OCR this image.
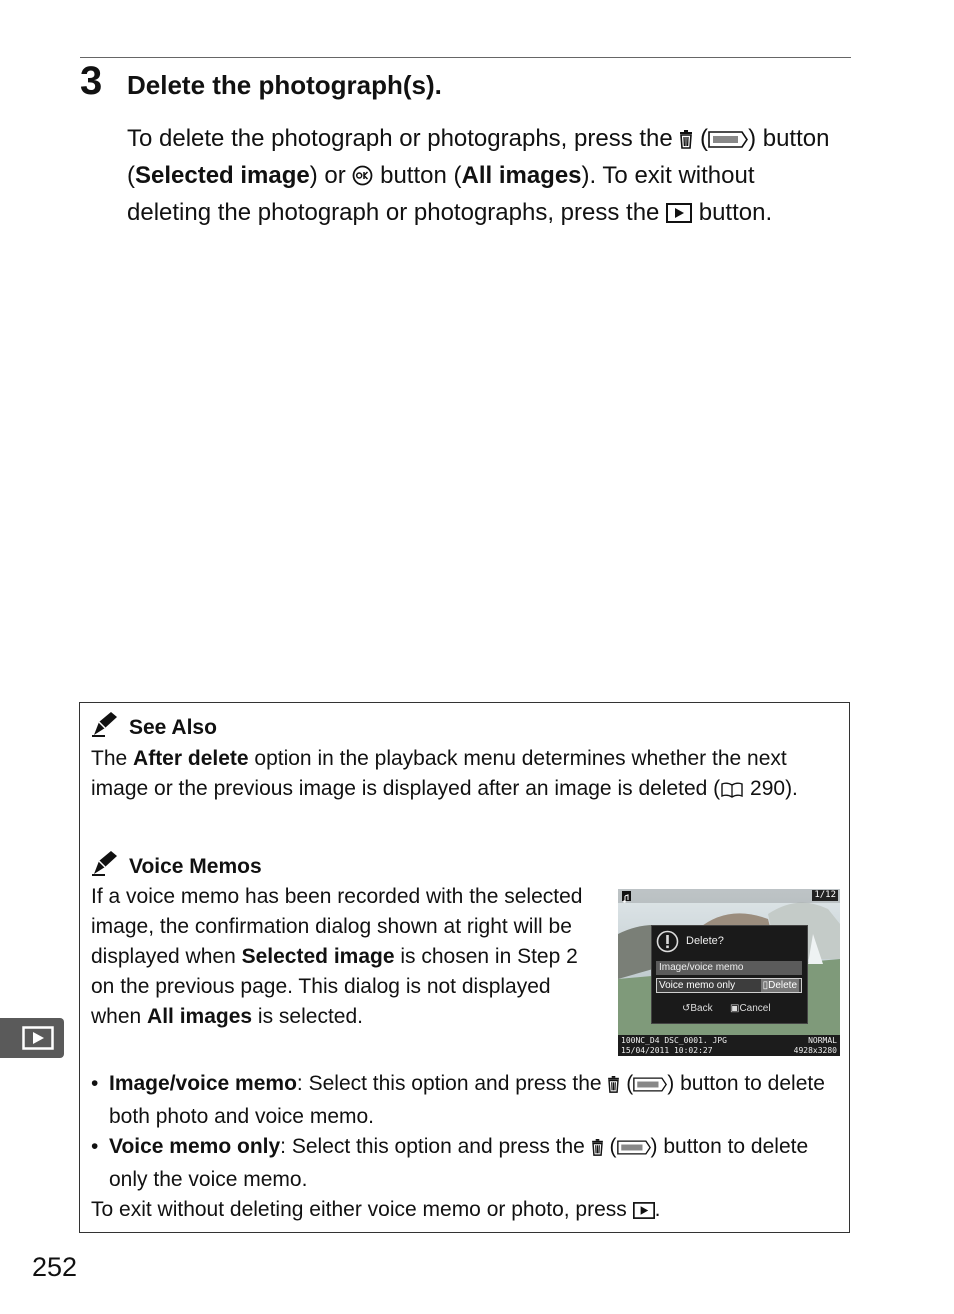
3 Delete the photograph(s).

To delete the photograph or photographs, press the  ( ) button (Selected image) or  button (All images). To exit without deleting the photograph or photographs, press the  button.

See Also
The After delete option in the playback menu determines whether the next image or the previous image is displayed after an image is deleted ( 290).
Voice Memos
If a voice memo has been recorded with the selected image, the confirmation dialog shown at right will be displayed when Selected image is chosen in Step 2 on the previous page. This dialog is not displayed when All images is selected.
1/12
Delete?
Image/voice memo
Voice memo only	▯Delete
↺Back ▣Cancel
100NC_D4 DSC_0001. JPG	NORMAL
15/04/2011 10:02:27	4928x3280

• Image/voice memo: Select this option and press the  ( ) button to delete both photo and voice memo.

• Voice memo only: Select this option and press the  ( ) button to delete only the voice memo.

To exit without deleting either voice memo or photo, press .

252
